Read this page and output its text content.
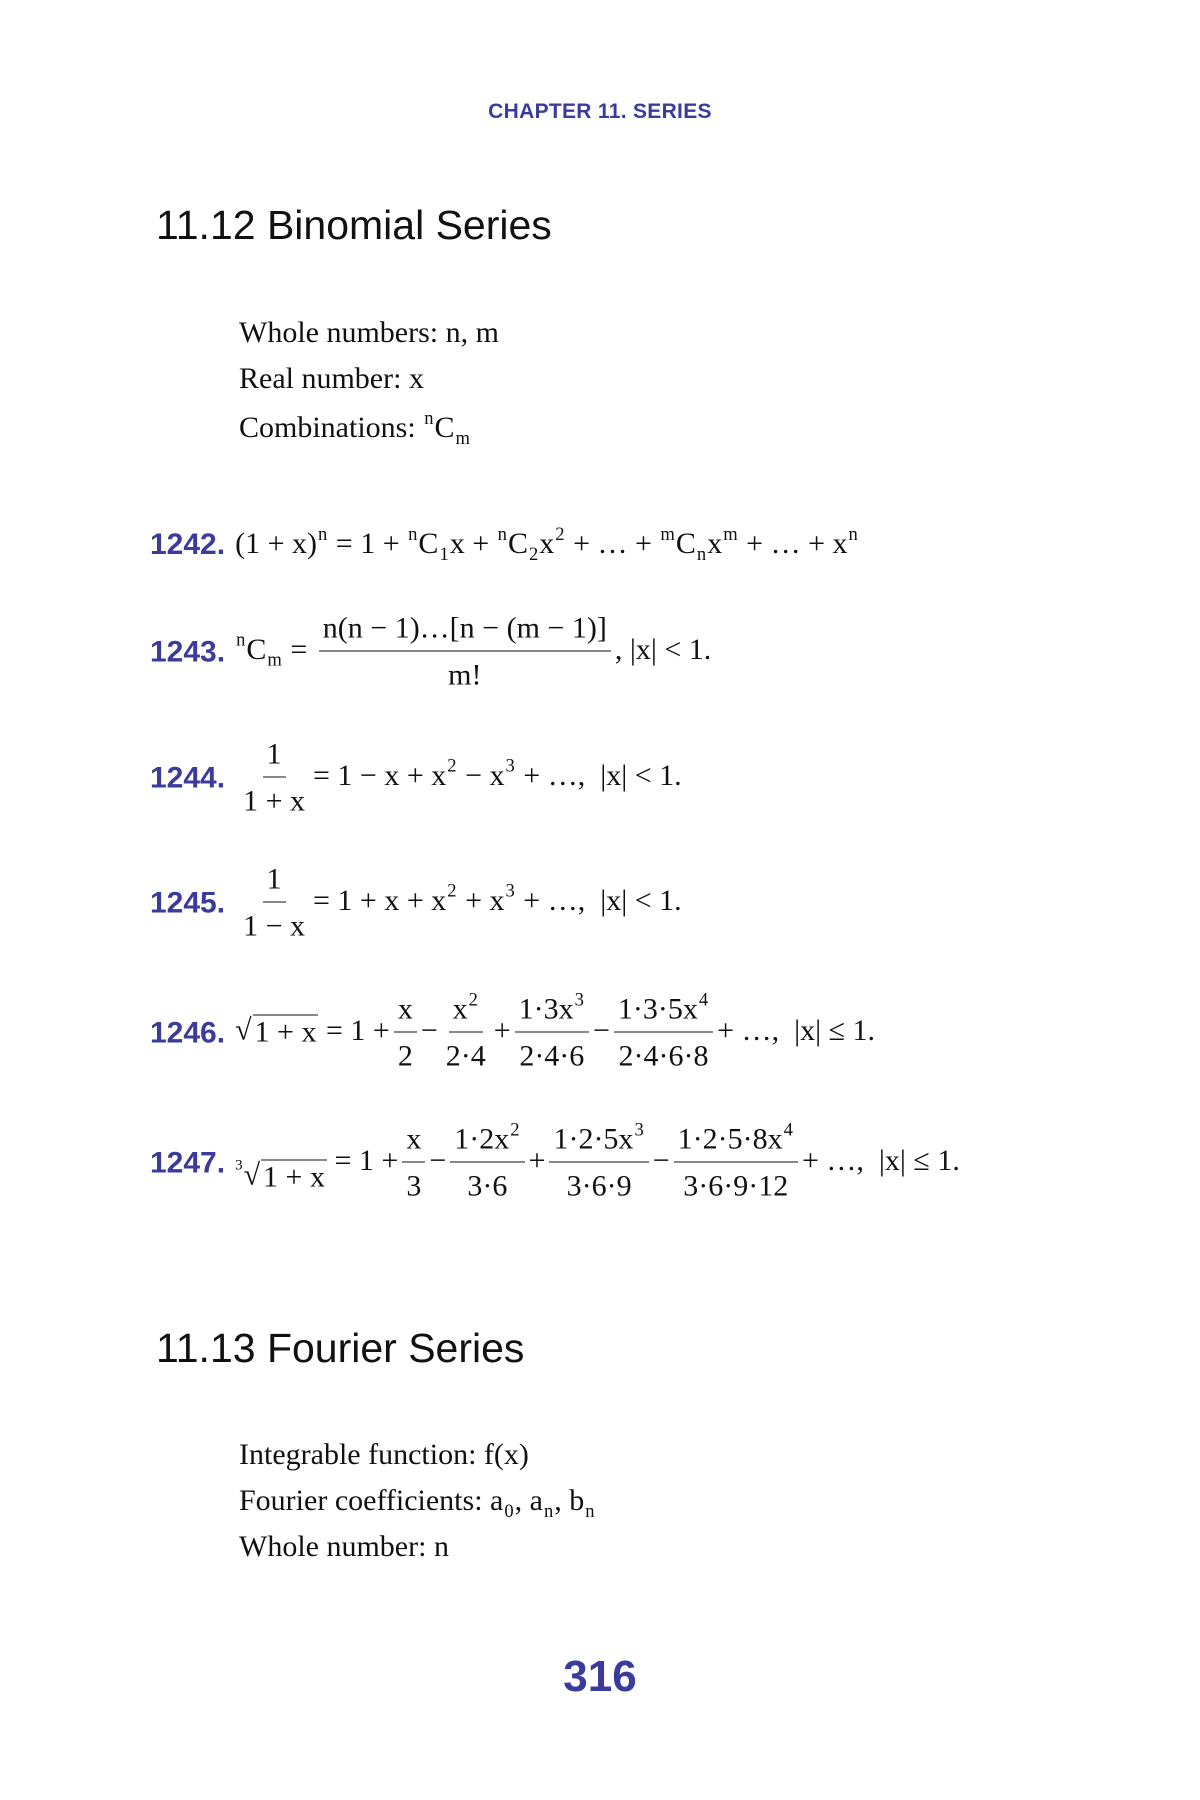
CHAPTER 11. SERIES
11.12 Binomial Series
Whole numbers: n, m
Real number: x
Combinations: $^nC_m$
1242. $(1 + x)^n = 1 + ^nC_1x + ^nC_2x^2$ + … + $^mC_nx^m$ + … + $x^n$
1243. $^nC_m = \frac{n(n - 1)\dots[n - (m - 1)]}{m!}$ , |x| < 1.
1244. $\frac{1}{1 + x} = 1 - x + x^2 - x^3$ + …,  |x| < 1.
1245. $\frac{1}{1 - x} = 1 + x + x^2 + x^3$ + …,  |x| < 1.
1246. √ $1 + x = 1 + \frac{x}{2} - \frac{x^2}{2\cdot 4} + \frac{1\cdot 3x^3}{2\cdot 4\cdot 6} - \frac{1\cdot 3\cdot 5x^4}{2\cdot 4\cdot 6\cdot 8}$ + …,  |x| ≤ 1.
1247. 3 √ $1 + x = 1 + \frac{x}{3} - \frac{1\cdot 2x^2}{3\cdot 6} + \frac{1\cdot 2\cdot 5x^3}{3\cdot 6\cdot 9} - \frac{1\cdot 2\cdot 5\cdot 8x^4}{3\cdot 6\cdot 9\cdot 12}$ + …,  |x| ≤ 1.
11.13 Fourier Series
Integrable function: f(x)
Fourier coefficients: $a_0$, $a_n$, $b_n$
Whole number: n
316
